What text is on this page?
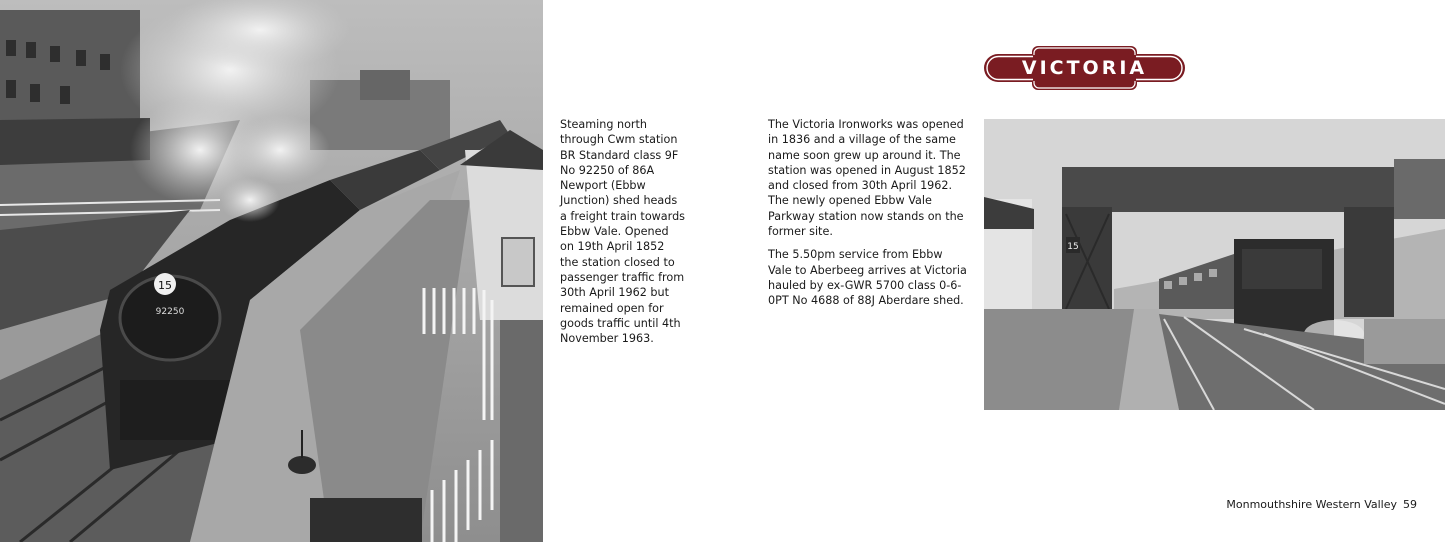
15
92250

Steaming north through Cwm station BR Standard class 9F No 92250 of 86A Newport (Ebbw Junction) shed heads a freight train towards Ebbw Vale. Opened on 19th April 1852 the station closed to passenger traffic from 30th April 1962 but remained open for goods traffic until 4th November 1963.

The Victoria Ironworks was opened in 1836 and a village of the same name soon grew up around it. The station was opened in August 1852 and closed from 30th April 1962. The newly opened Ebbw Vale Parkway station now stands on the former site.

The 5.50pm service from Ebbw Vale to Aberbeeg arrives at Victoria hauled by ex-GWR 5700 class 0-6-0PT No 4688 of 88J Aberdare shed.

VICTORIA
15
Monmouthshire Western Valley 59
